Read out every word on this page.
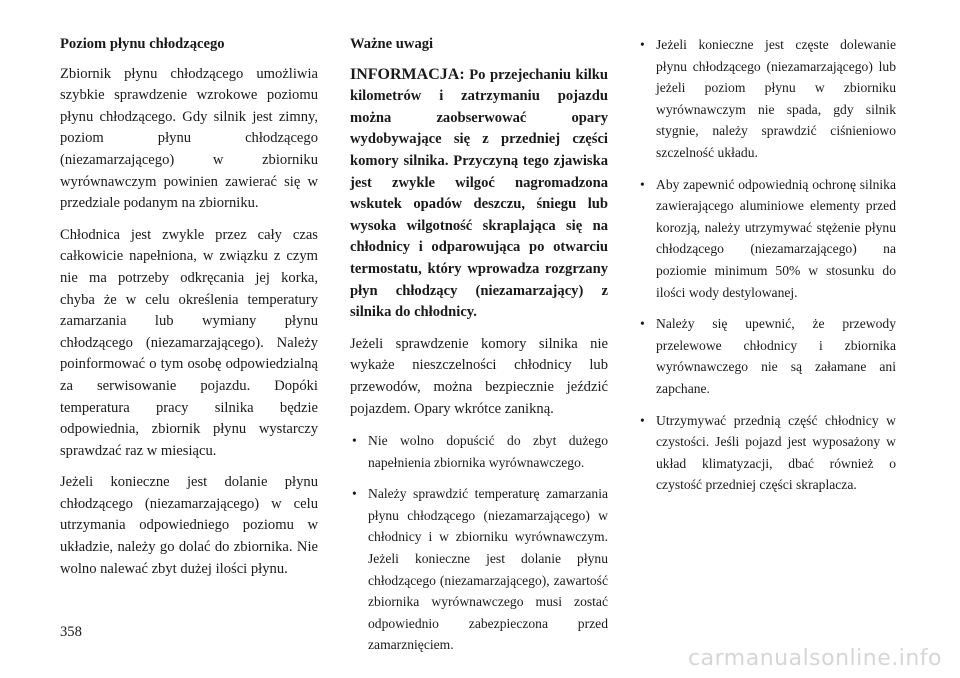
Poziom płynu chłodzącego

Zbiornik płynu chłodzącego umożliwia szybkie sprawdzenie wzrokowe poziomu płynu chłodzącego. Gdy silnik jest zimny, poziom płynu chłodzącego (niezamarzającego) w zbiorniku wyrównawczym powinien zawierać się w przedziale podanym na zbiorniku.

Chłodnica jest zwykle przez cały czas całkowicie napełniona, w związku z czym nie ma potrzeby odkręcania jej korka, chyba że w celu określenia temperatury zamarzania lub wymiany płynu chłodzącego (niezamarzającego). Należy poinformować o tym osobę odpowiedzialną za serwisowanie pojazdu. Dopóki temperatura pracy silnika będzie odpowiednia, zbiornik płynu wystarczy sprawdzać raz w miesiącu.

Jeżeli konieczne jest dolanie płynu chłodzącego (niezamarzającego) w celu utrzymania odpowiedniego poziomu w układzie, należy go dolać do zbiornika. Nie wolno nalewać zbyt dużej ilości płynu.

Ważne uwagi

INFORMACJA: Po przejechaniu kilku kilometrów i zatrzymaniu pojazdu można zaobserwować opary wydobywające się z przedniej części komory silnika. Przyczyną tego zjawiska jest zwykle wilgoć nagromadzona wskutek opadów deszczu, śniegu lub wysoka wilgotność skraplająca się na chłodnicy i odparowująca po otwarciu termostatu, który wprowadza rozgrzany płyn chłodzący (niezamarzający) z silnika do chłodnicy.

Jeżeli sprawdzenie komory silnika nie wykaże nieszczelności chłodnicy lub przewodów, można bezpiecznie jeździć pojazdem. Opary wkrótce zanikną.

• Nie wolno dopuścić do zbyt dużego napełnienia zbiornika wyrównawczego.
• Należy sprawdzić temperaturę zamarzania płynu chłodzącego (niezamarzającego) w chłodnicy i w zbiorniku wyrównawczym. Jeżeli konieczne jest dolanie płynu chłodzącego (niezamarzającego), zawartość zbiornika wyrównawczego musi zostać odpowiednio zabezpieczona przed zamarznięciem.
• Jeżeli konieczne jest częste dolewanie płynu chłodzącego (niezamarzającego) lub jeżeli poziom płynu w zbiorniku wyrównawczym nie spada, gdy silnik stygnie, należy sprawdzić ciśnieniowo szczelność układu.
• Aby zapewnić odpowiednią ochronę silnika zawierającego aluminiowe elementy przed korozją, należy utrzymywać stężenie płynu chłodzącego (niezamarzającego) na poziomie minimum 50% w stosunku do ilości wody destylowanej.
• Należy się upewnić, że przewody przelewowe chłodnicy i zbiornika wyrównawczego nie są załamane ani zapchane.
• Utrzymywać przednią część chłodnicy w czystości. Jeśli pojazd jest wyposażony w układ klimatyzacji, dbać również o czystość przedniej części skraplacza.
358
carmanualsonline.info
